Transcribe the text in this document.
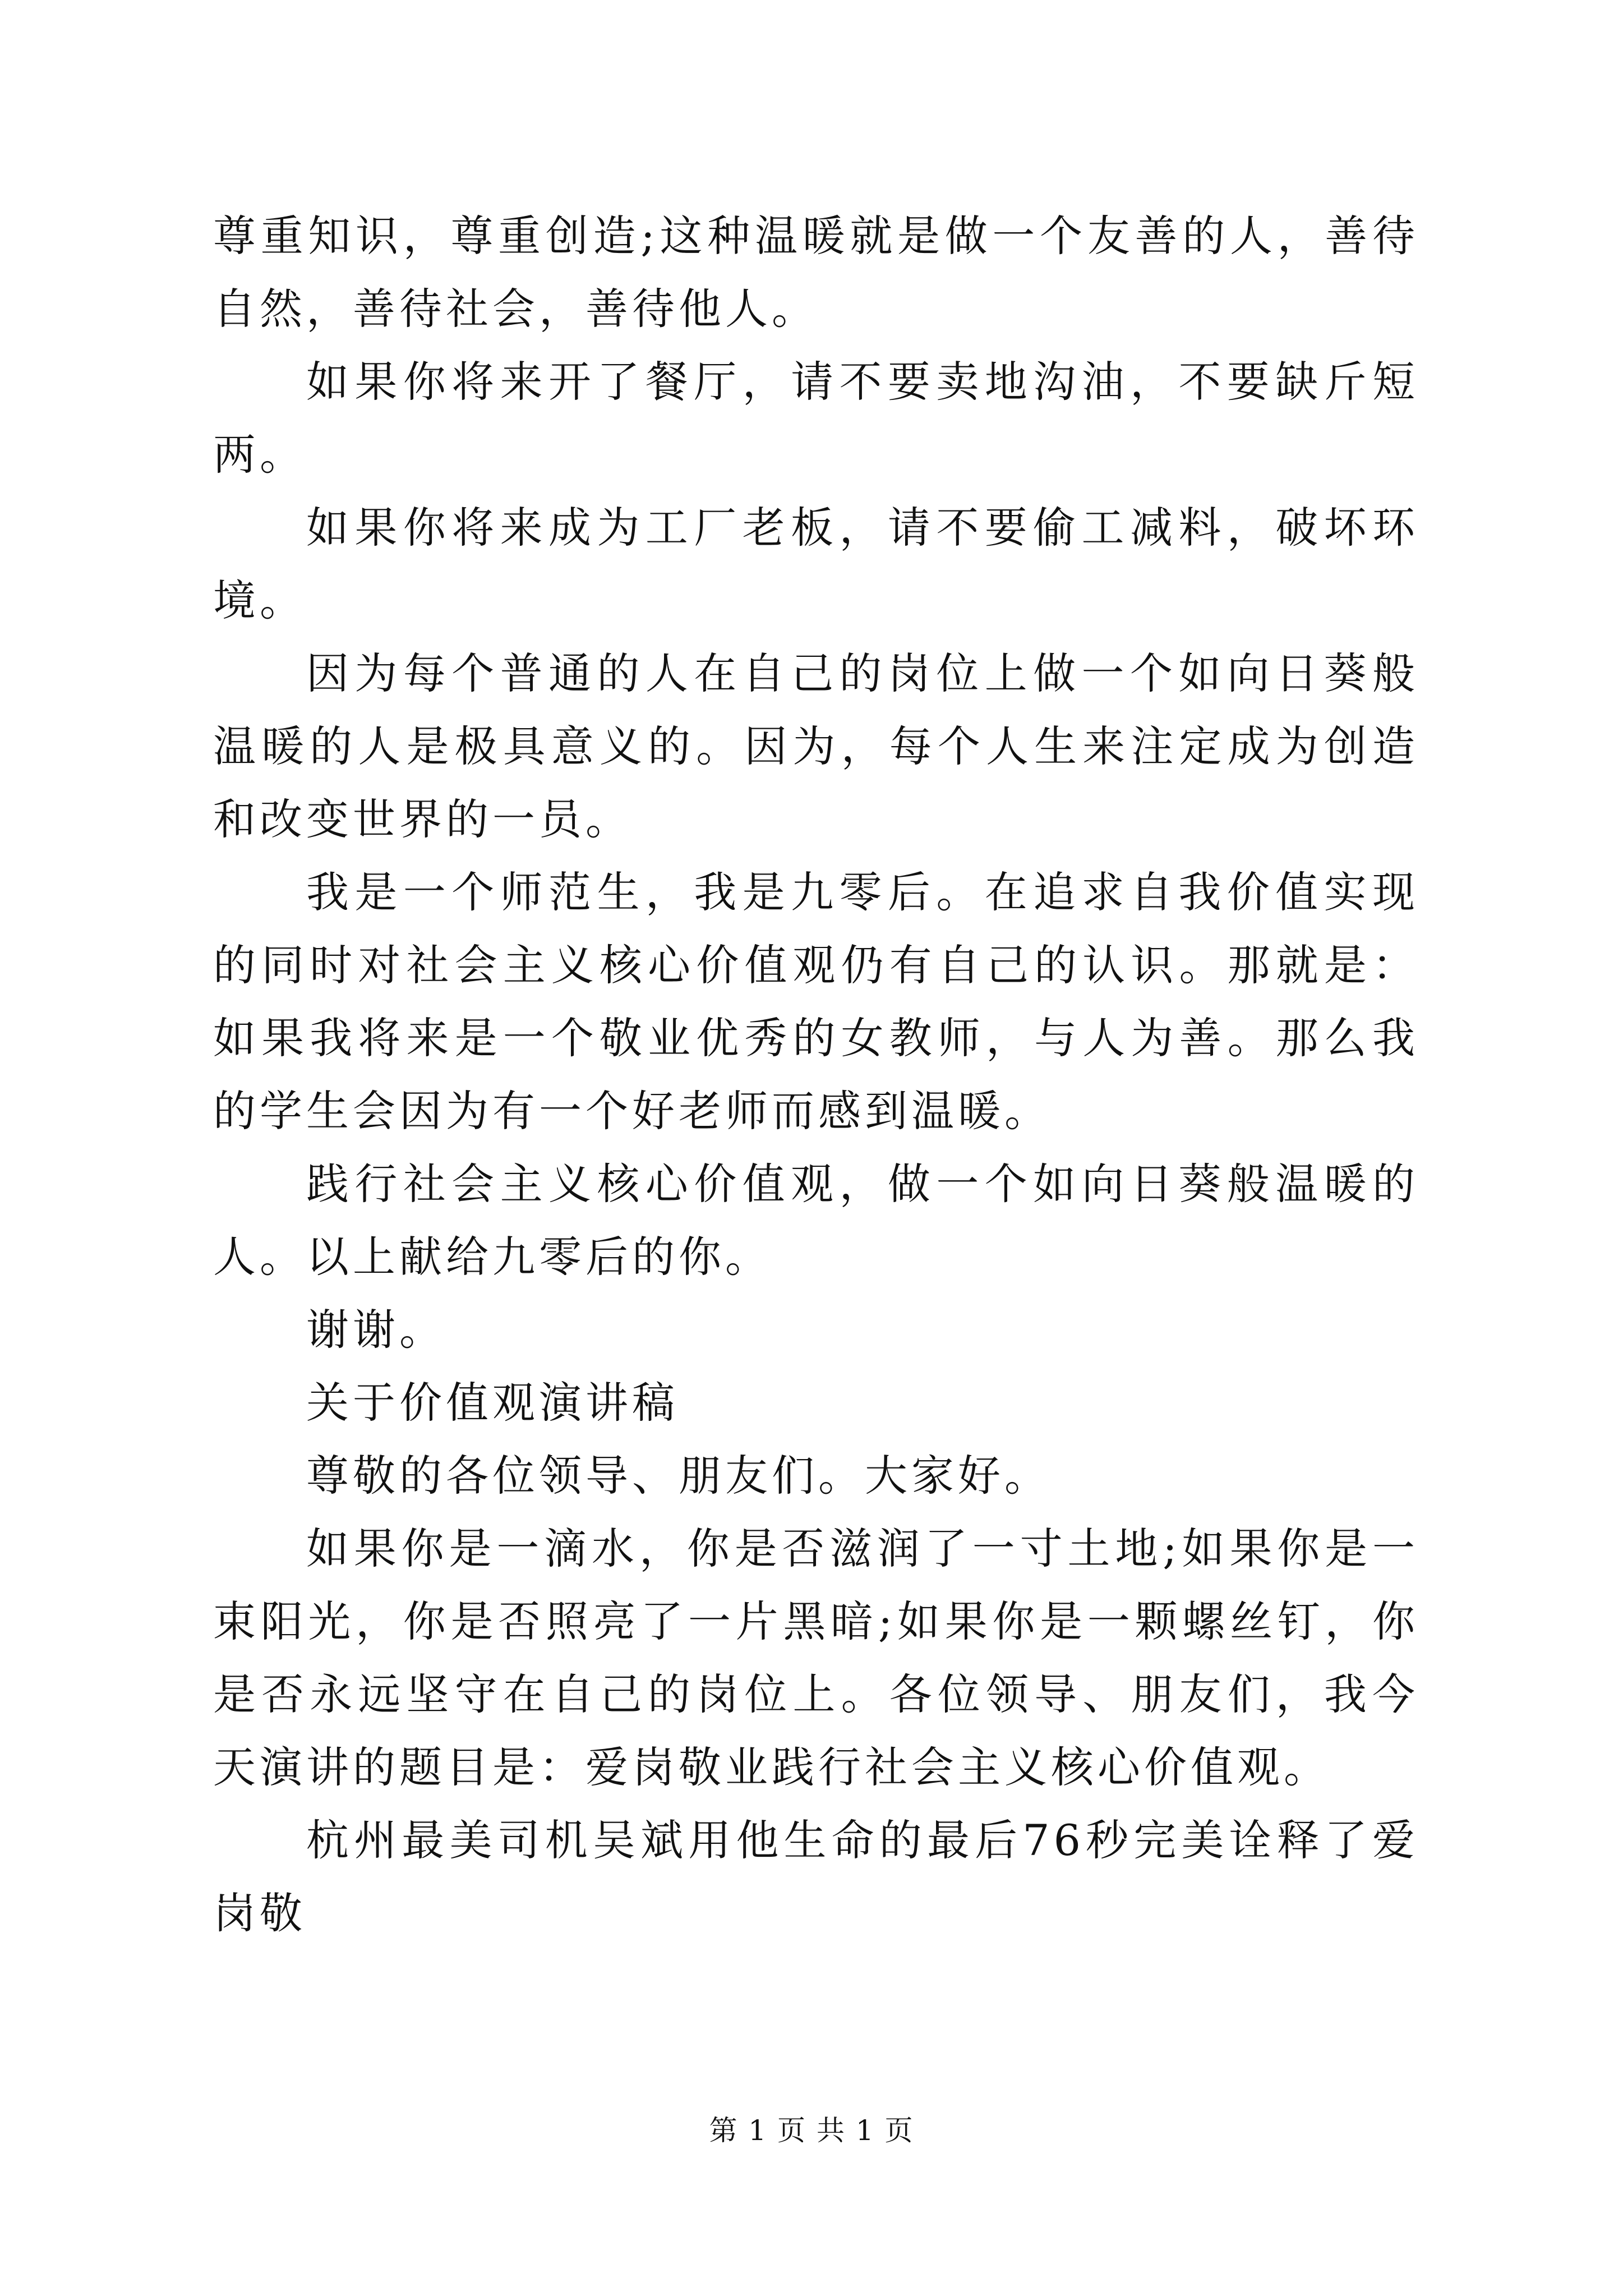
尊重知识，尊重创造;这种温暖就是做一个友善的人，善待自然，善待社会，善待他人。

如果你将来开了餐厅，请不要卖地沟油，不要缺斤短两。

如果你将来成为工厂老板，请不要偷工减料，破坏环境。

因为每个普通的人在自己的岗位上做一个如向日葵般温暖的人是极具意义的。因为，每个人生来注定成为创造和改变世界的一员。

我是一个师范生，我是九零后。在追求自我价值实现的同时对社会主义核心价值观仍有自己的认识。那就是：如果我将来是一个敬业优秀的女教师，与人为善。那么我的学生会因为有一个好老师而感到温暖。

践行社会主义核心价值观，做一个如向日葵般温暖的人。以上献给九零后的你。

谢谢。

关于价值观演讲稿

尊敬的各位领导、朋友们。大家好。

如果你是一滴水，你是否滋润了一寸土地;如果你是一束阳光，你是否照亮了一片黑暗;如果你是一颗螺丝钉，你是否永远坚守在自己的岗位上。各位领导、朋友们，我今天演讲的题目是：爱岗敬业践行社会主义核心价值观。

杭州最美司机吴斌用他生命的最后76秒完美诠释了爱岗敬

第 1 页 共 1 页
